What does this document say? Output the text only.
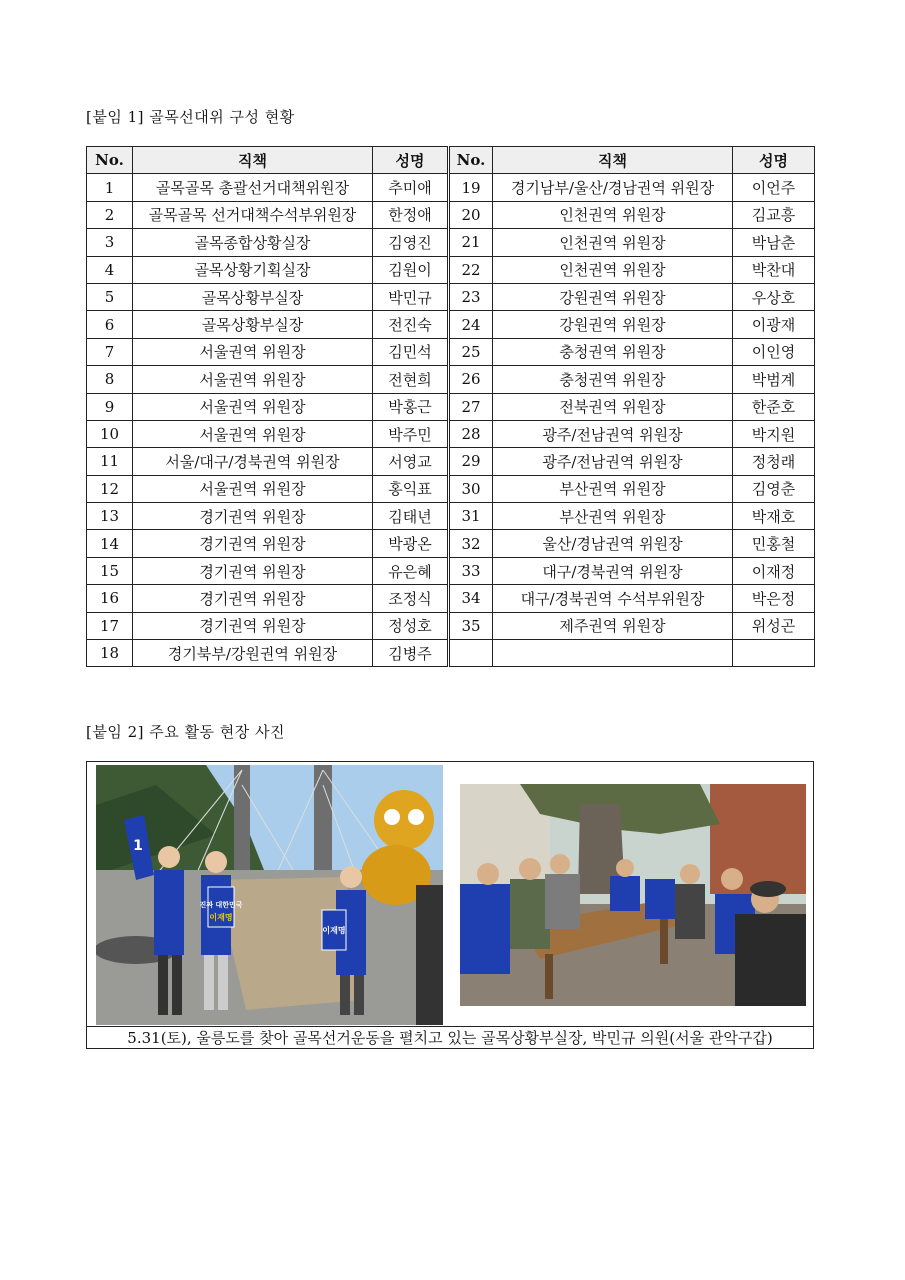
[붙임 1] 골목선대위 구성 현황
No.	직책	성명	No.	직책	성명
1	골목골목 총괄선거대책위원장	추미애	19	경기남부/울산/경남권역 위원장	이언주
2	골목골목 선거대책수석부위원장	한정애	20	인천권역 위원장	김교흥
3	골목종합상황실장	김영진	21	인천권역 위원장	박남춘
4	골목상황기획실장	김원이	22	인천권역 위원장	박찬대
5	골목상황부실장	박민규	23	강원권역 위원장	우상호
6	골목상황부실장	전진숙	24	강원권역 위원장	이광재
7	서울권역 위원장	김민석	25	충청권역 위원장	이인영
8	서울권역 위원장	전현희	26	충청권역 위원장	박범계
9	서울권역 위원장	박홍근	27	전북권역 위원장	한준호
10	서울권역 위원장	박주민	28	광주/전남권역 위원장	박지원
11	서울/대구/경북권역 위원장	서영교	29	광주/전남권역 위원장	정청래
12	서울권역 위원장	홍익표	30	부산권역 위원장	김영춘
13	경기권역 위원장	김태년	31	부산권역 위원장	박재호
14	경기권역 위원장	박광온	32	울산/경남권역 위원장	민홍철
15	경기권역 위원장	유은혜	33	대구/경북권역 위원장	이재정
16	경기권역 위원장	조정식	34	대구/경북권역 수석부위원장	박은정
17	경기권역 위원장	정성호	35	제주권역 위원장	위성곤
18	경기북부/강원권역 위원장	김병주			
[붙임 2] 주요 활동 현장 사진
진짜 대한민국
이재명
1
이재명
5.31(토), 울릉도를 찾아 골목선거운동을 펼치고 있는 골목상황부실장, 박민규 의원(서울 관악구갑)
